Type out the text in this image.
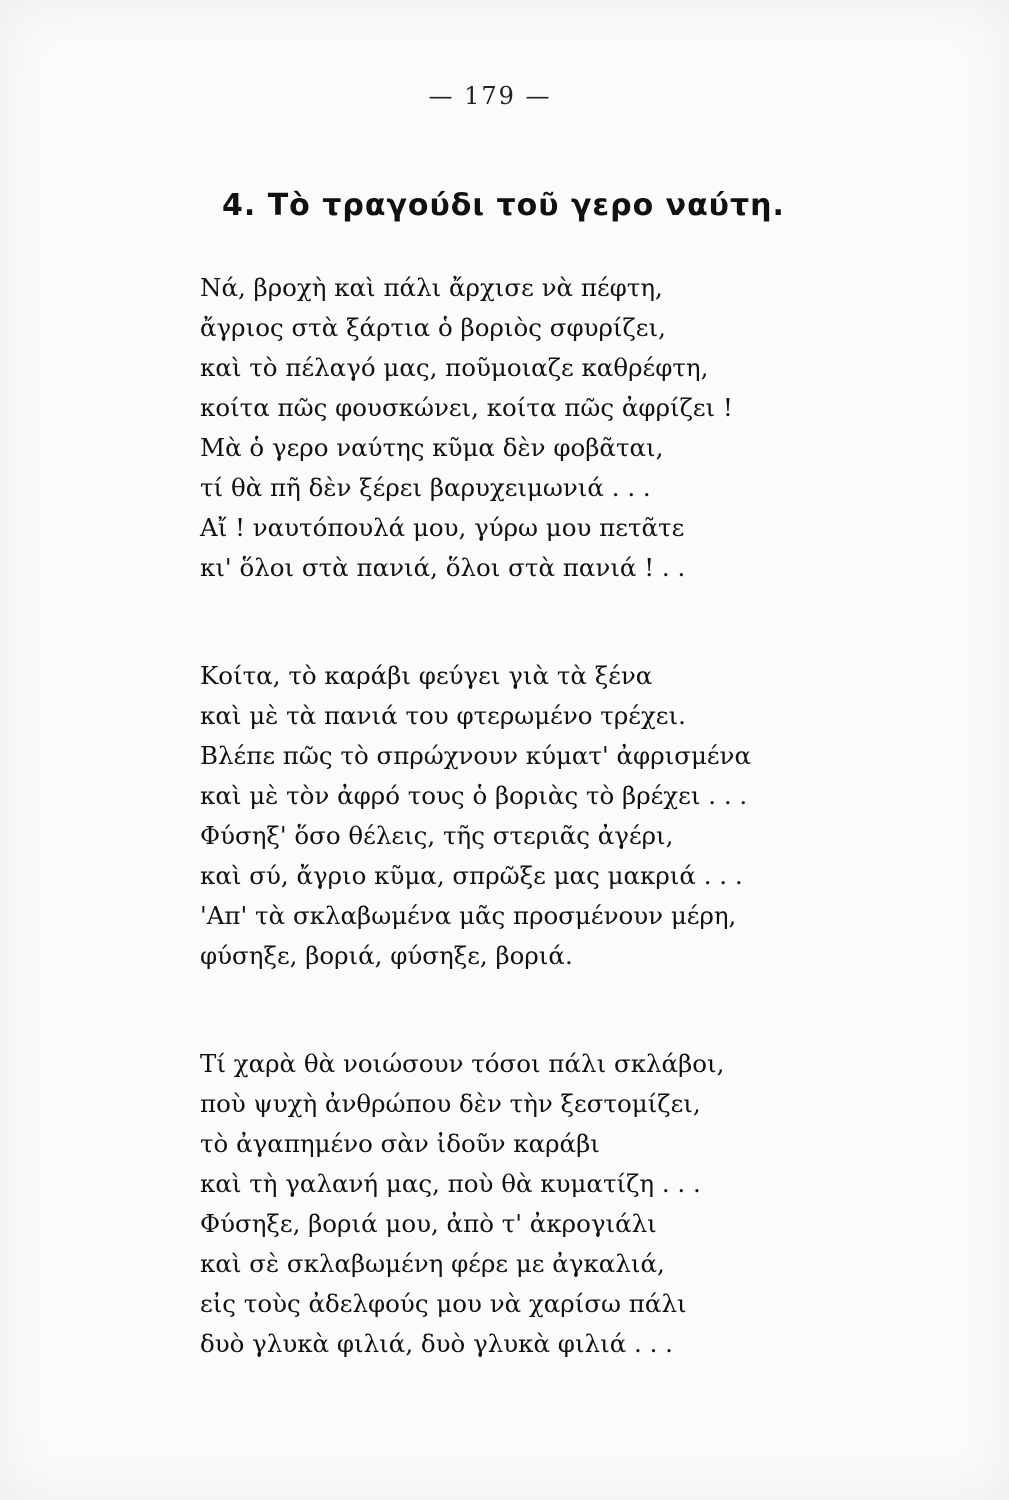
— 179 —
4. Τὸ τραγούδι τοῦ γερο ναύτη.
Νά, βροχὴ καὶ πάλι ἄρχισε νὰ πέφτη,
ἄγριος στὰ ξάρτια ὁ βοριὸς σφυρίζει,
καὶ τὸ πέλαγό μας, ποῦμοιαζε καθρέφτη,
κοίτα πῶς φουσκώνει, κοίτα πῶς ἀφρίζει !
Μὰ ὁ γερο ναύτης κῦμα δὲν φοβᾶται,
τί θὰ πῆ δὲν ξέρει βαρυχειμωνιά . . .
Αἴ ! ναυτόπουλά μου, γύρω μου πετᾶτε
κι' ὅλοι στὰ πανιά, ὅλοι στὰ πανιά ! . .
Κοίτα, τὸ καράβι φεύγει γιὰ τὰ ξένα
καὶ μὲ τὰ πανιά του φτερωμένο τρέχει.
Βλέπε πῶς τὸ σπρώχνουν κύματ' ἀφρισμένα
καὶ μὲ τὸν ἀφρό τους ὁ βοριὰς τὸ βρέχει . . .
Φύσηξ' ὅσο θέλεις, τῆς στεριᾶς ἀγέρι,
καὶ σύ, ἄγριο κῦμα, σπρῶξε μας μακριά . . .
'Απ' τὰ σκλαβωμένα μᾶς προσμένουν μέρη,
φύσηξε, βοριά, φύσηξε, βοριά.
Τί χαρὰ θὰ νοιώσουν τόσοι πάλι σκλάβοι,
ποὺ ψυχὴ ἀνθρώπου δὲν τὴν ξεστομίζει,
τὸ ἀγαπημένο σὰν ἰδοῦν καράβι
καὶ τὴ γαλανή μας, ποὺ θὰ κυματίζη . . .
Φύσηξε, βοριά μου, ἀπὸ τ' ἀκρογιάλι
καὶ σὲ σκλαβωμένη φέρε με ἀγκαλιά,
εἰς τοὺς ἀδελφούς μου νὰ χαρίσω πάλι
δυὸ γλυκὰ φιλιά, δυὸ γλυκὰ φιλιά . . .
